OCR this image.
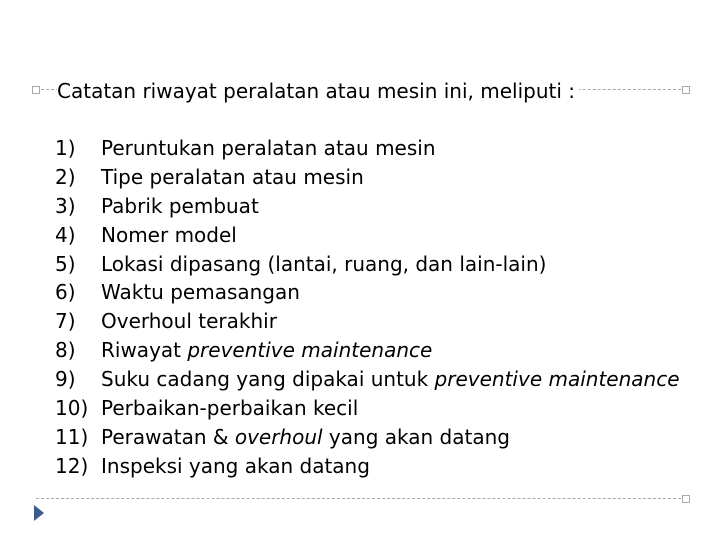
Catatan riwayat peralatan atau mesin ini, meliputi :
1) Peruntukan peralatan atau mesin
2) Tipe peralatan atau mesin
3) Pabrik pembuat
4) Nomer model
5) Lokasi dipasang (lantai, ruang, dan lain-lain)
6) Waktu pemasangan
7) Overhoul terakhir
8) Riwayat preventive maintenance
9) Suku cadang yang dipakai untuk preventive maintenance
10) Perbaikan-perbaikan kecil
11) Perawatan & overhoul yang akan datang
12) Inspeksi yang akan datang
